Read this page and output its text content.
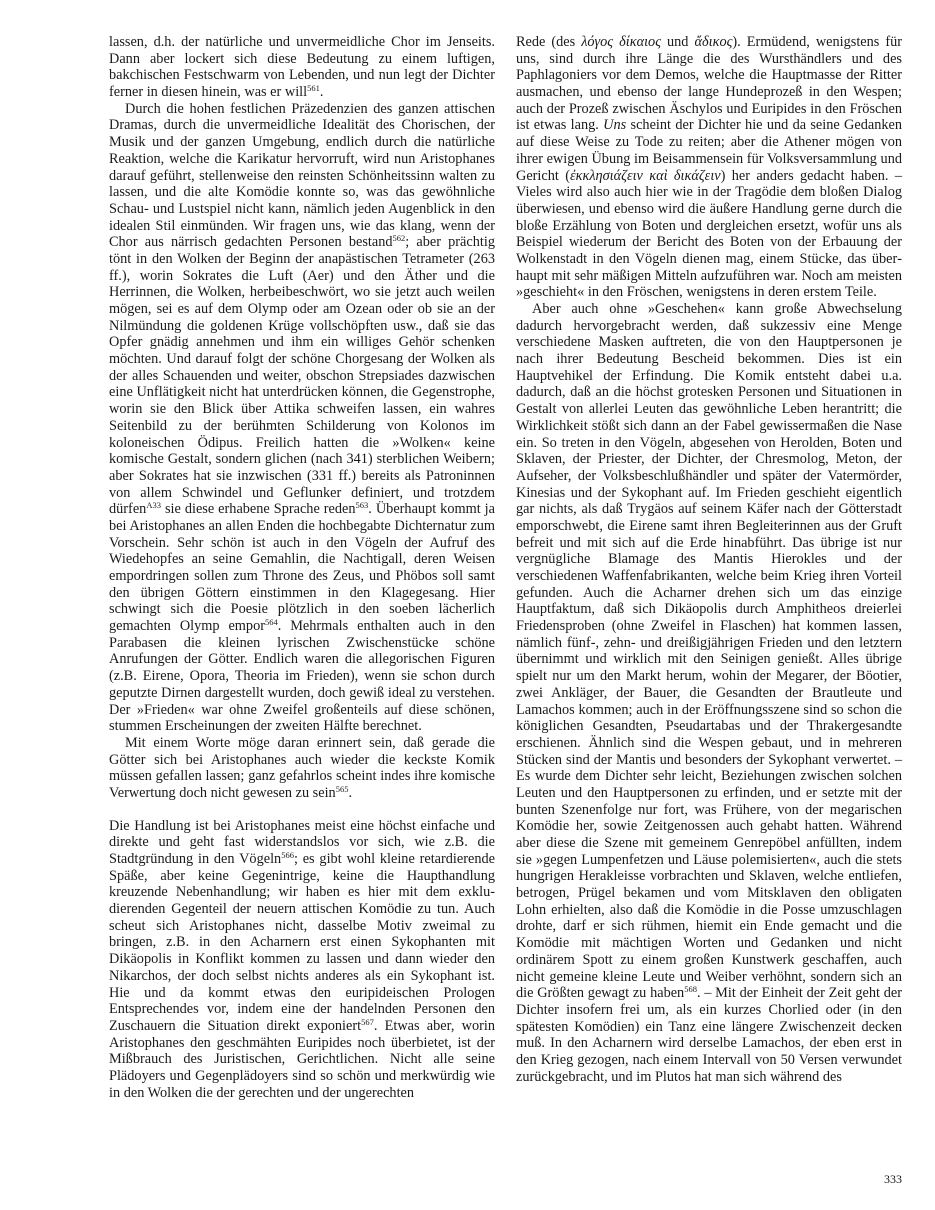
lassen, d.h. der natürliche und unvermeidliche Chor im Jenseits. Dann aber lockert sich diese Bedeutung zu einem luftigen, bakchischen Festschwarm von Lebenden, und nun legt der Dichter ferner in diesen hinein, was er will$^{561}$.

Durch die hohen festlichen Präzedenzien des ganzen attischen Dramas, durch die unvermeidliche Idealität des Chorischen, der Musik und der ganzen Umgebung, endlich durch die natürliche Reaktion, welche die Karikatur hervorruft, wird nun Aristophanes darauf geführt, stellenweise den reinsten Schönheitssinn walten zu lassen, und die alte Komödie konnte so, was das gewöhnliche Schau- und Lustspiel nicht kann, nämlich jeden Augenblick in den idealen Stil einmünden. Wir fragen uns, wie das klang, wenn der Chor aus närrisch gedachten Personen bestand$^{562}$; aber prächtig tönt in den Wolken der Beginn der anapästischen Tetrameter (263 ff.), worin Sokrates die Luft (Aer) und den Äther und die Herrinnen, die Wolken, herbeibeschwört, wo sie jetzt auch weilen mögen, sei es auf dem Olymp oder am Ozean oder ob sie an der Nilmündung die goldenen Krüge vollschöpften usw., daß sie das Opfer gnädig annehmen und ihm ein williges Gehör schenken möchten. Und darauf folgt der schöne Chorgesang der Wolken als der alles Schauenden und weiter, obschon Strepsiades dazwischen eine Unflätigkeit nicht hat unterdrücken können, die Gegenstrophe, worin sie den Blick über Attika schweifen lassen, ein wahres Seitenbild zu der berühmten Schilderung von Kolonos im koloneischen Ödipus. Freilich hatten die »Wolken« keine komische Gestalt, sondern glichen (nach 341) sterblichen Weibern; aber Sokrates hat sie inzwischen (331 ff.) bereits als Patroninnen von allem Schwindel und Geflunker definiert, und trotzdem dürfen$^{A33}$ sie diese erhabene Sprache reden$^{563}$. Überhaupt kommt ja bei Aristophanes an allen Enden die hochbegabte Dichternatur zum Vorschein. Sehr schön ist auch in den Vögeln der Aufruf des Wiedehopfes an seine Gemahlin, die Nachtigall, deren Weisen empordringen sollen zum Throne des Zeus, und Phöbos soll samt den übrigen Göttern einstimmen in den Klagegesang. Hier schwingt sich die Poesie plötzlich in den soeben lächerlich gemachten Olymp empor$^{564}$. Mehrmals enthalten auch in den Parabasen die kleinen lyrischen Zwischenstücke schöne Anrufungen der Götter. Endlich waren die allegorischen Figuren (z.B. Eirene, Opora, Theoria im Frieden), wenn sie schon durch geputzte Dirnen dargestellt wurden, doch gewiß ideal zu verstehen. Der »Frieden« war ohne Zweifel großenteils auf diese schönen, stummen Erscheinungen der zweiten Hälfte berechnet.

Mit einem Worte möge daran erinnert sein, daß gerade die Götter sich bei Aristophanes auch wieder die keckste Komik müssen gefallen lassen; ganz gefahrlos scheint indes ihre komische Verwertung doch nicht gewesen zu sein$^{565}$.

Die Handlung ist bei Aristophanes meist eine höchst einfache und direkte und geht fast widerstandslos vor sich, wie z.B. die Stadtgründung in den Vögeln$^{566}$; es gibt wohl kleine retardierende Späße, aber keine Gegenintrige, keine die Haupthandlung kreuzende Nebenhandlung; wir haben es hier mit dem exkludierenden Gegenteil der neuern attischen Komödie zu tun. Auch scheut sich Aristophanes nicht, dasselbe Motiv zweimal zu bringen, z.B. in den Acharnern erst einen Sykophanten mit Dikäopolis in Konflikt kommen zu lassen und dann wieder den Nikarchos, der doch selbst nichts anderes als ein Sykophant ist. Hie und da kommt etwas den euripideischen Prologen Entsprechendes vor, indem eine der handelnden Personen den Zuschauern die Situation direkt exponiert$^{567}$. Etwas aber, worin Aristophanes den geschmähten Euripides noch überbietet, ist der Mißbrauch des Juristischen, Gerichtlichen. Nicht alle seine Plädoyers und Gegenplädoyers sind so schön und merkwürdig wie in den Wolken die der gerechten und der ungerechten

Rede (des λόγος δίκαιος und ἄδικος). Ermüdend, wenigstens für uns, sind durch ihre Länge die des Wursthändlers und des Paphlagoniers vor dem Demos, welche die Hauptmasse der Ritter ausmachen, und ebenso der lange Hundeprozeß in den Wespen; auch der Prozeß zwischen Äschylos und Euripides in den Fröschen ist etwas lang. Uns scheint der Dichter hie und da seine Gedanken auf diese Weise zu Tode zu reiten; aber die Athener mögen von ihrer ewigen Übung im Beisammensein für Volksversammlung und Gericht (ἐκκλησιάζειν καὶ δικάζειν) her anders gedacht haben. – Vieles wird also auch hier wie in der Tragödie dem bloßen Dialog überwiesen, und ebenso wird die äußere Handlung gerne durch die bloße Erzählung von Boten und dergleichen ersetzt, wofür uns als Beispiel wiederum der Bericht des Boten von der Erbauung der Wolkenstadt in den Vögeln dienen mag, einem Stücke, das überhaupt mit sehr mäßigen Mitteln aufzuführen war. Noch am meisten »geschieht« in den Fröschen, wenigstens in deren erstem Teile.

Aber auch ohne »Geschehen« kann große Abwechselung dadurch hervorgebracht werden, daß sukzessiv eine Menge verschiedene Masken auftreten, die von den Hauptpersonen je nach ihrer Bedeutung Bescheid bekommen. Dies ist ein Hauptvehikel der Erfindung. Die Komik entsteht dabei u.a. dadurch, daß an die höchst grotesken Personen und Situationen in Gestalt von allerlei Leuten das gewöhnliche Leben herantritt; die Wirklichkeit stößt sich dann an der Fabel gewissermaßen die Nase ein. So treten in den Vögeln, abgesehen von Herolden, Boten und Sklaven, der Priester, der Dichter, der Chresmolog, Meton, der Aufseher, der Volksbeschlußhändler und später der Vatermörder, Kinesias und der Sykophant auf. Im Frieden geschieht eigentlich gar nichts, als daß Trygäos auf seinem Käfer nach der Götterstadt emporschwebt, die Eirene samt ihren Begleiterinnen aus der Gruft befreit und mit sich auf die Erde hinabführt. Das übrige ist nur vergnügliche Blamage des Mantis Hierokles und der verschiedenen Waffenfabrikanten, welche beim Krieg ihren Vorteil gefunden. Auch die Acharner drehen sich um das einzige Hauptfaktum, daß sich Dikäopolis durch Amphitheos dreierlei Friedensproben (ohne Zweifel in Flaschen) hat kommen lassen, nämlich fünf-, zehn- und dreißigjährigen Frieden und den letztern übernimmt und wirklich mit den Seinigen genießt. Alles übrige spielt nur um den Markt herum, wohin der Megarer, der Böotier, zwei Ankläger, der Bauer, die Gesandten der Brautleute und Lamachos kommen; auch in der Eröffnungsszene sind so schon die königlichen Gesandten, Pseudartabas und der Thrakergesandte erschienen. Ähnlich sind die Wespen gebaut, und in mehreren Stücken sind der Mantis und besonders der Sykophant verwertet. – Es wurde dem Dichter sehr leicht, Beziehungen zwischen solchen Leuten und den Hauptpersonen zu erfinden, und er setzte mit der bunten Szenenfolge nur fort, was Frühere, von der megarischen Komödie her, sowie Zeitgenossen auch gehabt hatten. Während aber diese die Szene mit gemeinem Genrepöbel anfüllten, indem sie »gegen Lumpenfetzen und Läuse polemisierten«, auch die stets hungrigen Herakleisse vorbrachten und Sklaven, welche entliefen, betrogen, Prügel bekamen und vom Mitsklaven den obligaten Lohn erhielten, also daß die Komödie in die Posse umzuschlagen drohte, darf er sich rühmen, hiemit ein Ende gemacht und die Komödie mit mächtigen Worten und Gedanken und nicht ordinärem Spott zu einem großen Kunstwerk geschaffen, auch nicht gemeine kleine Leute und Weiber verhöhnt, sondern sich an die Größten gewagt zu haben$^{568}$. – Mit der Einheit der Zeit geht der Dichter insofern frei um, als ein kurzes Chorlied oder (in den spätesten Komödien) ein Tanz eine längere Zwischenzeit decken muß. In den Acharnern wird derselbe Lamachos, der eben erst in den Krieg gezogen, nach einem Intervall von 50 Versen verwundet zurückgebracht, und im Plutos hat man sich während des

333
